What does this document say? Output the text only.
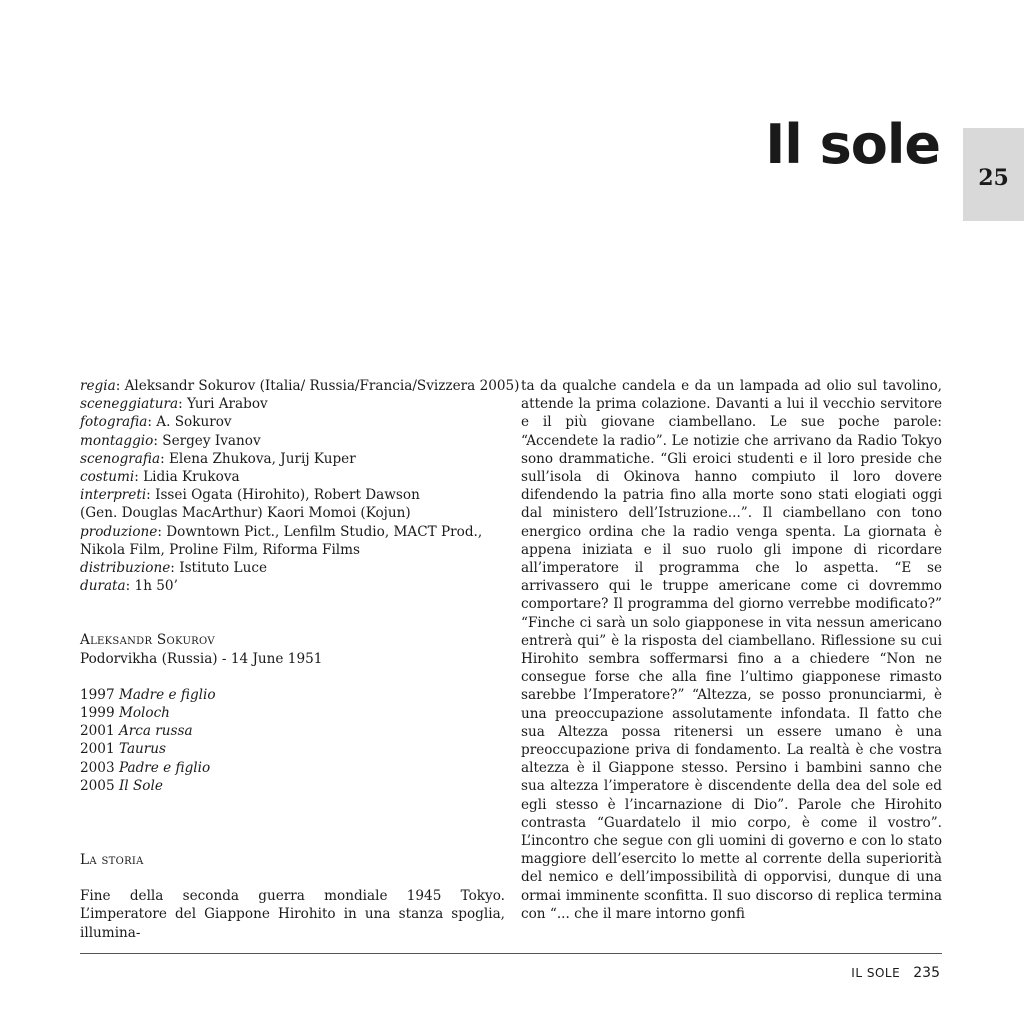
Il sole
25
regia: Aleksandr Sokurov (Italia/ Russia/Francia/Svizzera 2005)
sceneggiatura: Yuri Arabov
fotografia: A. Sokurov
montaggio: Sergey Ivanov
scenografia: Elena Zhukova, Jurij Kuper
costumi: Lidia Krukova
interpreti: Issei Ogata (Hirohito), Robert Dawson
(Gen. Douglas MacArthur) Kaori Momoi (Kojun)
produzione: Downtown Pict., Lenfilm Studio, MACT Prod.,
Nikola Film, Proline Film, Riforma Films
distribuzione: Istituto Luce
durata: 1h 50’
Aleksandr Sokurov
Podorvikha (Russia) - 14 June 1951
1997 Madre e figlio
1999 Moloch
2001 Arca russa
2001 Taurus
2003 Padre e figlio
2005 Il Sole
La storia
Fine della seconda guerra mondiale 1945 Tokyo. L’imperatore del Giappone Hirohito in una stanza spoglia, illumina-
ta da qualche candela e da un lampada ad olio sul tavolino, attende la prima colazione. Davanti a lui il vecchio servitore e il più giovane ciambellano. Le sue poche parole: “Accendete la radio”. Le notizie che arrivano da Radio Tokyo sono drammatiche. “Gli eroici studenti e il loro preside che sull’isola di Okinova hanno compiuto il loro dovere difendendo la patria fino alla morte sono stati elogiati oggi dal ministero dell’Istruzione...”. Il ciambellano con tono energico ordina che la radio venga spenta. La giornata è appena iniziata e il suo ruolo gli impone di ricordare all’imperatore il programma che lo aspetta. “E se arrivassero qui le truppe americane come ci dovremmo comportare? Il programma del giorno verrebbe modificato?” “Finche ci sarà un solo giapponese in vita nessun americano entrerà qui” è la risposta del ciambellano. Riflessione su cui Hirohito sembra soffermarsi fino a a chiedere “Non ne consegue forse che alla fine l’ultimo giapponese rimasto sarebbe l’Imperatore?” “Altezza, se posso pronunciarmi, è una preoccupazione assolutamente infondata. Il fatto che sua Altezza possa ritenersi un essere umano è una preoccupazione priva di fondamento. La realtà è che vostra altezza è il Giappone stesso. Persino i bambini sanno che sua altezza l’imperatore è discendente della dea del sole ed egli stesso è l’incarnazione di Dio”. Parole che Hirohito contrasta “Guardatelo il mio corpo, è come il vostro”. L’incontro che segue con gli uomini di governo e con lo stato maggiore dell’esercito lo mette al corrente della superiorità del nemico e dell’impossibilità di opporvisi, dunque di una ormai imminente sconfitta. Il suo discorso di replica termina con “... che il mare intorno gonfi
IL SOLE 235
